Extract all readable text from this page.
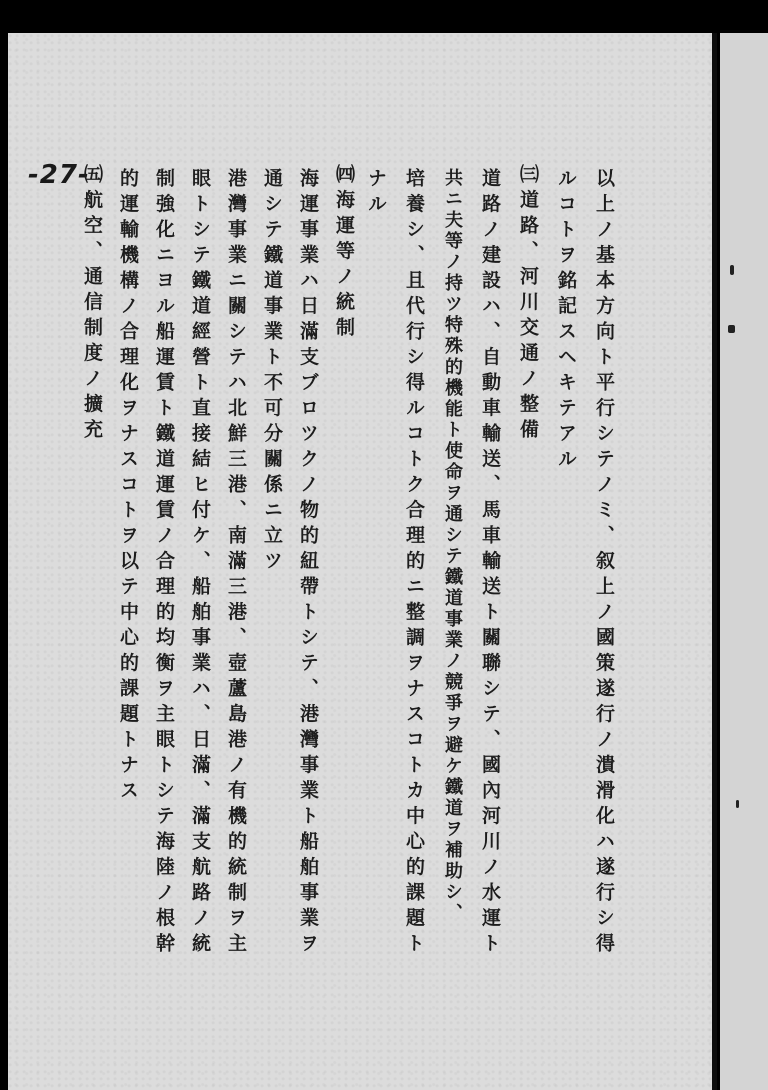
-27-	以上ノ基本方向ト平行シテノミ、叙上ノ國策遂行ノ潰滑化ハ遂行シ得
ルコトヲ銘記スヘキテアル
㈢道路、河川交通ノ整備
道路ノ建設ハ、自動車輸送、馬車輸送ト關聯シテ、國內河川ノ水運ト
共ニ夫等ノ持ツ特殊的機能ト使命ヲ通シテ鐵道事業ノ競爭ヲ避ケ鐵道ヲ補助シ、
培養シ、且代行シ得ルコトク合理的ニ整調ヲナスコトカ中心的課題ト
ナル
㈣海運等ノ統制
海運事業ハ日滿支ブロツクノ物的紐帶トシテ、港灣事業ト船舶事業ヲ
通シテ鐵道事業ト不可分關係ニ立ツ
港灣事業ニ關シテハ北鮮三港、南滿三港、壺蘆島港ノ有機的統制ヲ主
眼トシテ鐵道經營ト直接結ヒ付ケ、船舶事業ハ、日滿、滿支航路ノ統
制強化ニヨル船運賃ト鐵道運賃ノ合理的均衡ヲ主眼トシテ海陸ノ根幹
的運輸機構ノ合理化ヲナスコトヲ以テ中心的課題トナス
㈤航空、通信制度ノ擴充
